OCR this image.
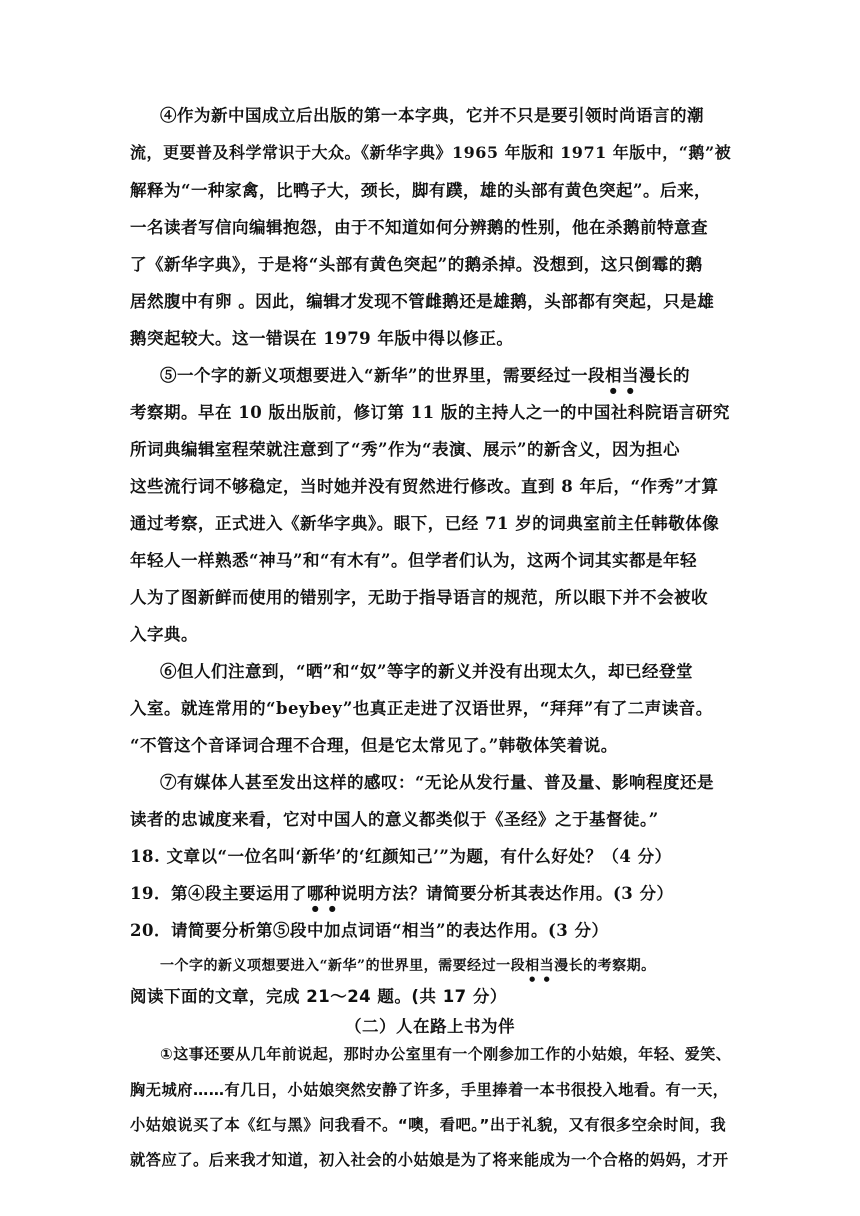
④作为新中国成立后出版的第一本字典，它并不只是要引领时尚语言的潮
流，更要普及科学常识于大众。《新华字典》1965 年版和 1971 年版中，“鹅”被
解释为“一种家禽，比鸭子大，颈长，脚有蹼，雄的头部有黄色突起”。后来，
一名读者写信向编辑抱怨，由于不知道如何分辨鹅的性别，他在杀鹅前特意查
了《新华字典》，于是将“头部有黄色突起”的鹅杀掉。没想到，这只倒霉的鹅
居然腹中有卵 。因此，编辑才发现不管雌鹅还是雄鹅，头部都有突起，只是雄
鹅突起较大。这一错误在 1979 年版中得以修正。
⑤一个字的新义项想要进入“新华”的世界里，需要经过一段相当漫长的
考察期。早在 10 版出版前，修订第 11 版的主持人之一的中国社科院语言研究
所词典编辑室程荣就注意到了“秀”作为“表演、展示”的新含义，因为担心
这些流行词不够稳定，当时她并没有贸然进行修改。直到 8 年后，“作秀”才算
通过考察，正式进入《新华字典》。眼下，已经 71 岁的词典室前主任韩敬体像
年轻人一样熟悉“神马”和“有木有”。但学者们认为，这两个词其实都是年轻
人为了图新鲜而使用的错别字，无助于指导语言的规范，所以眼下并不会被收
入字典。
⑥但人们注意到，“晒”和“奴”等字的新义并没有出现太久，却已经登堂
入室。就连常用的“beybey”也真正走进了汉语世界，“拜拜”有了二声读音。
“不管这个音译词合理不合理，但是它太常见了。”韩敬体笑着说。
⑦有媒体人甚至发出这样的感叹：“无论从发行量、普及量、影响程度还是
读者的忠诚度来看，它对中国人的意义都类似于《圣经》之于基督徒。”
18. 文章以“一位名叫‘新华’的‘红颜知己’”为题，有什么好处？（4 分）
19．第④段主要运用了哪种说明方法？请简要分析其表达作用。(3 分）
20．请简要分析第⑤段中加点词语“相当”的表达作用。(3 分）
一个字的新义项想要进入“新华”的世界里，需要经过一段相当漫长的考察期。
阅读下面的文章，完成 21～24 题。(共 17 分）
（二）人在路上书为伴
①这事还要从几年前说起，那时办公室里有一个刚参加工作的小姑娘，年轻、爱笑、
胸无城府……有几日，小姑娘突然安静了许多，手里捧着一本书很投入地看。有一天，
小姑娘说买了本《红与黑》问我看不。“噢，看吧。”出于礼貌，又有很多空余时间，我
就答应了。后来我才知道，初入社会的小姑娘是为了将来能成为一个合格的妈妈，才开
